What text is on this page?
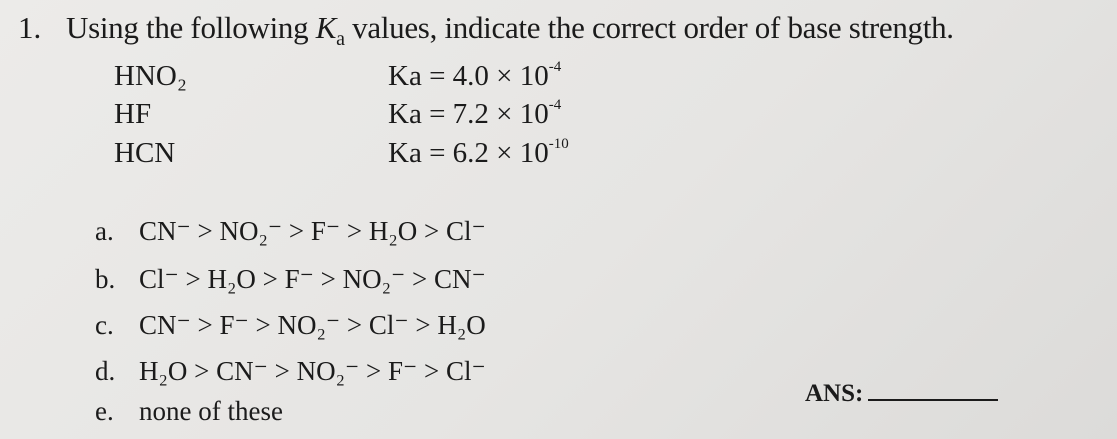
1. Using the following $K_a$ values, indicate the correct order of base strength.
HNO₂	$Ka = 4.0 \times 10^{-4}$
HF	$Ka = 7.2 \times 10^{-4}$
HCN	$Ka = 6.2 \times 10^{-10}$
a. CN⁻ > NO₂⁻ > F⁻ > H₂O > Cl⁻
b. Cl⁻ > H₂O > F⁻ > NO₂⁻ > CN⁻
c. CN⁻ > F⁻ > NO₂⁻ > Cl⁻ > H₂O
d. H₂O > CN⁻ > NO₂⁻ > F⁻ > Cl⁻
e. none of these
ANS:
